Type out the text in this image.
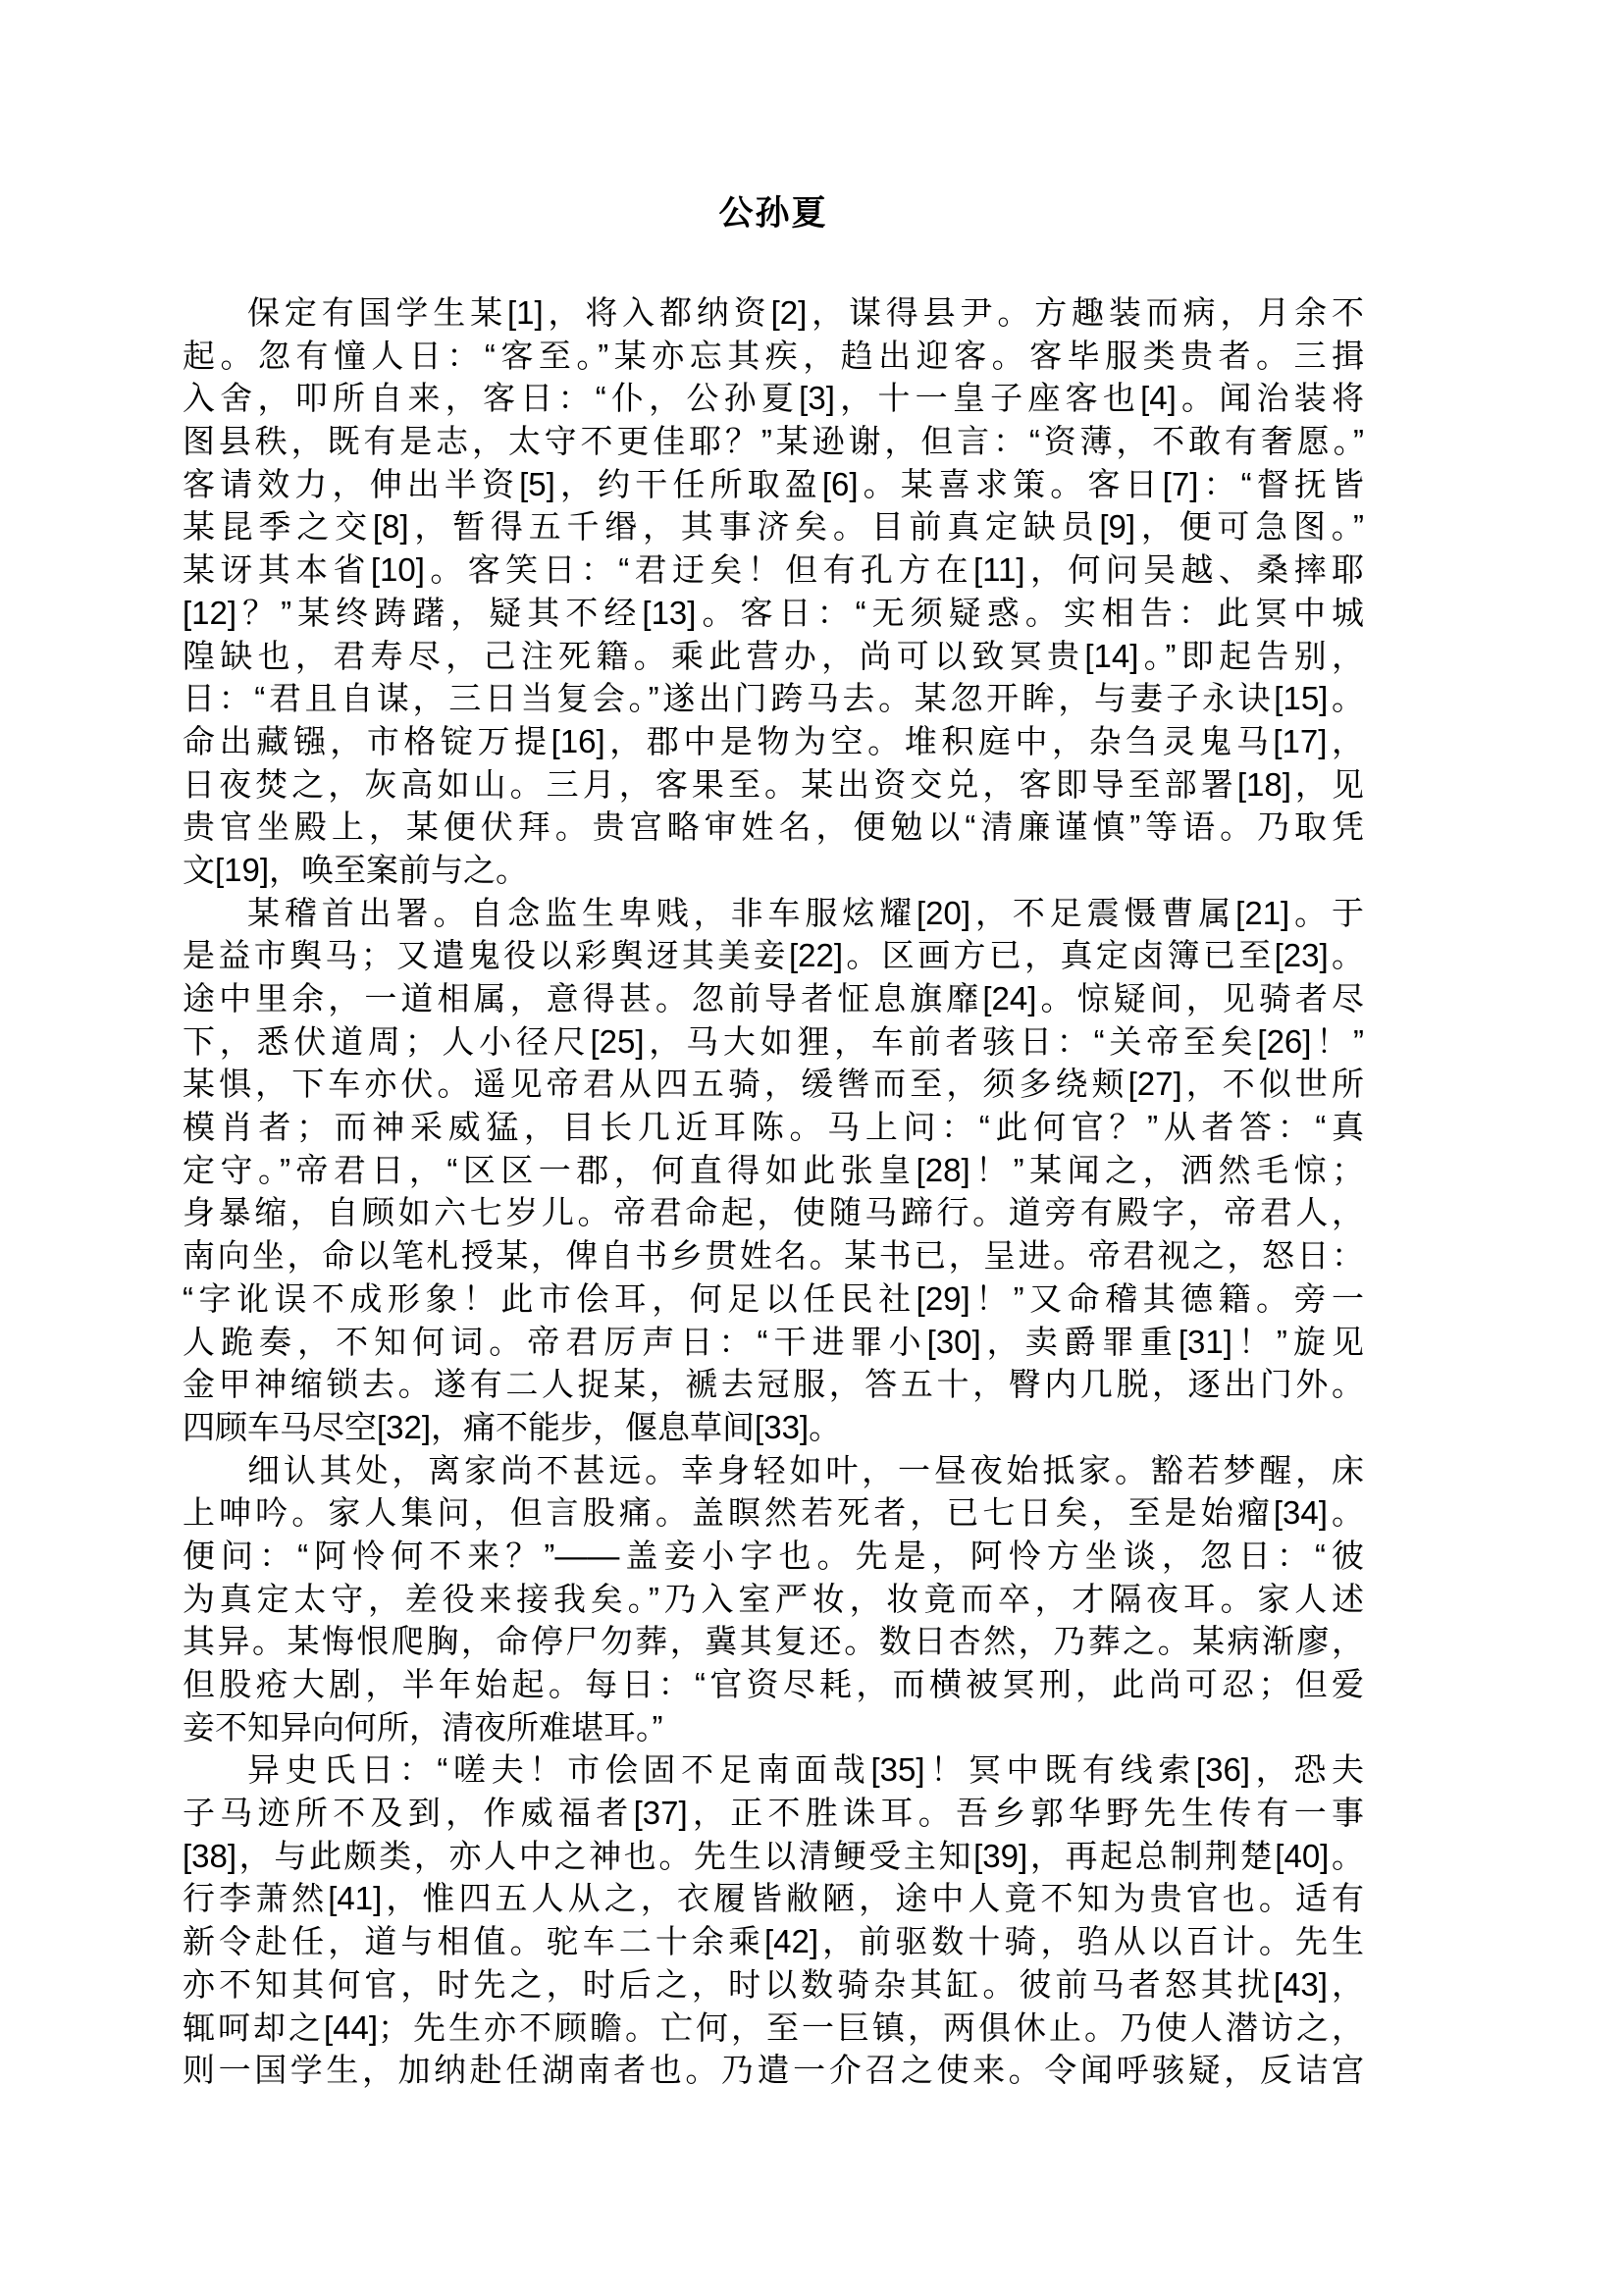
公孙夏
保定有国学生某[1]，将入都纳资[2]，谋得县尹。方趣装而病，月余不
起。忽有憧人日：“客至。”某亦忘其疾，趋出迎客。客毕服类贵者。三揖
入舍，叩所自来，客日：“仆，公孙夏[3]，十一皇子座客也[4]。闻治装将
图县秩，既有是志，太守不更佳耶？”某逊谢，但言：“资薄，不敢有奢愿。”
客请效力，伸出半资[5]，约干任所取盈[6]。某喜求策。客日[7]：“督抚皆
某昆季之交[8]，暂得五千缗，其事济矣。目前真定缺员[9]，便可急图。”
某讶其本省[10]。客笑日：“君迂矣！但有孔方在[11]，何问吴越、桑摔耶
[12]？”某终踌躇，疑其不经[13]。客日：“无须疑惑。实相告：此冥中城
隍缺也，君寿尽，己注死籍。乘此营办，尚可以致冥贵[14]。”即起告别，
日：“君且自谋，三日当复会。”遂出门跨马去。某忽开眸，与妻子永诀[15]。
命出藏镪，市格锭万提[16]，郡中是物为空。堆积庭中，杂刍灵鬼马[17]，
日夜焚之，灰高如山。三月，客果至。某出资交兑，客即导至部署[18]，见
贵官坐殿上，某便伏拜。贵宫略审姓名，便勉以“清廉谨慎”等语。乃取凭
文[19]，唤至案前与之。
某稽首出署。自念监生卑贱，非车服炫耀[20]，不足震慑曹属[21]。于
是益市舆马；又遣鬼役以彩舆迓其美妾[22]。区画方已，真定卤簿已至[23]。
途中里余，一道相属，意得甚。忽前导者怔息旗靡[24]。惊疑间，见骑者尽
下，悉伏道周；人小径尺[25]，马大如狸，车前者骇日：“关帝至矣[26]！”
某惧，下车亦伏。遥见帝君从四五骑，缓辔而至，须多绕颊[27]，不似世所
模肖者；而神采威猛，目长几近耳陈。马上问：“此何官？”从者答：“真
定守。”帝君日，“区区一郡，何直得如此张皇[28]！”某闻之，洒然毛惊；
身暴缩，自顾如六七岁儿。帝君命起，使随马蹄行。道旁有殿字，帝君人，
南向坐，命以笔札授某，俾自书乡贯姓名。某书已，呈进。帝君视之，怒日：
“字讹误不成形象！此市侩耳，何足以任民社[29]！”又命稽其德籍。旁一
人跪奏，不知何词。帝君厉声日：“干进罪小[30]，卖爵罪重[31]！”旋见
金甲神缩锁去。遂有二人捉某，褫去冠服，答五十，臀内几脱，逐出门外。
四顾车马尽空[32]，痛不能步，偃息草间[33]。
细认其处，离家尚不甚远。幸身轻如叶，一昼夜始抵家。豁若梦醒，床
上呻吟。家人集问，但言股痛。盖瞑然若死者，已七日矣，至是始瘤[34]。
便问：“阿怜何不来？”——盖妾小字也。先是，阿怜方坐谈，忽日：“彼
为真定太守，差役来接我矣。”乃入室严妆，妆竟而卒，才隔夜耳。家人述
其异。某悔恨爬胸，命停尸勿葬，冀其复还。数日杏然，乃葬之。某病渐廖，
但股疮大剧，半年始起。每日：“官资尽耗，而横被冥刑，此尚可忍；但爱
妾不知异向何所，清夜所难堪耳。”
异史氏日：“嗟夫！市侩固不足南面哉[35]！冥中既有线索[36]，恐夫
子马迹所不及到，作威福者[37]，正不胜诛耳。吾乡郭华野先生传有一事
[38]，与此颇类，亦人中之神也。先生以清鲠受主知[39]，再起总制荆楚[40]。
行李萧然[41]，惟四五人从之，衣履皆敝陋，途中人竟不知为贵官也。适有
新令赴任，道与相值。驼车二十余乘[42]，前驱数十骑，驺从以百计。先生
亦不知其何官，时先之，时后之，时以数骑杂其缸。彼前马者怒其扰[43]，
辄呵却之[44]；先生亦不顾瞻。亡何，至一巨镇，两俱休止。乃使人潜访之，
则一国学生，加纳赴任湖南者也。乃遣一介召之使来。令闻呼骇疑，反诘宫
